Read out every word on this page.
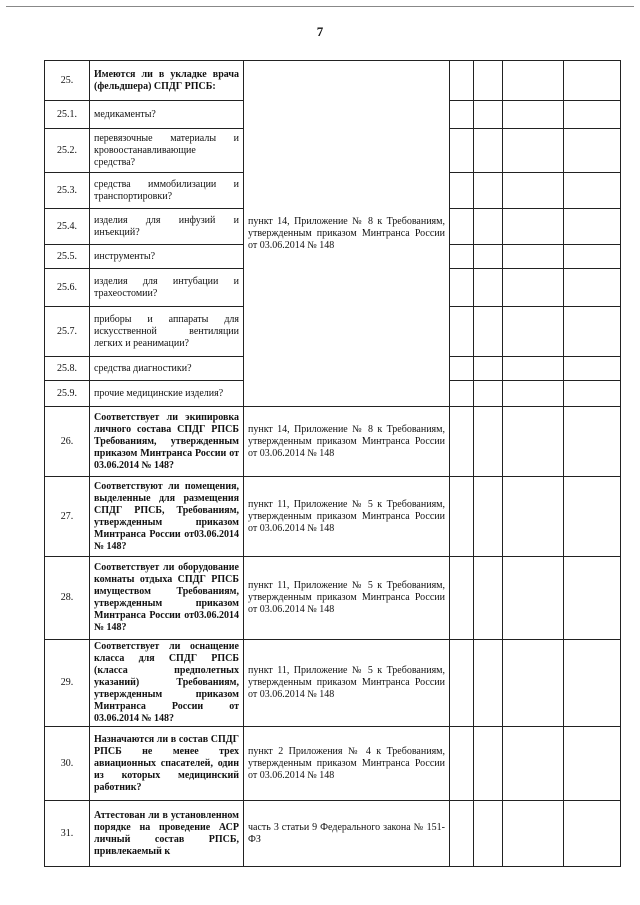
7
25.	Имеются ли в укладке врача (фельдшера) СПДГ РПСБ:	пункт 14, Приложение № 8 к Требованиям, утвержденным приказом Минтранса России от 03.06.2014 № 148				
25.1.	медикаменты?					
25.2.	перевязочные материалы и кровоостанавливающие средства?					
25.3.	средства иммобилизации и транспортировки?					
25.4.	изделия для инфузий и инъекций?					
25.5.	инструменты?					
25.6.	изделия для интубации и трахеостомии?					
25.7.	приборы и аппараты для искусственной вентиляции легких и реанимации?					
25.8.	средства диагностики?					
25.9.	прочие медицинские изделия?					
26.	Соответствует ли экипировка личного состава СПДГ РПСБ Требованиям, утвержденным приказом Минтранса России от 03.06.2014 № 148?	пункт 14, Приложение № 8 к Требованиям, утвержденным приказом Минтранса России от 03.06.2014 № 148				
27.	Соответствуют ли помещения, выделенные для размещения СПДГ РПСБ, Требованиям, утвержденным приказом Минтранса России от03.06.2014 № 148?	пункт 11, Приложение № 5 к Требованиям, утвержденным приказом Минтранса России от 03.06.2014 № 148				
28.	Соответствует ли оборудование комнаты отдыха СПДГ РПСБ имуществом Требованиям, утвержденным приказом Минтранса России от03.06.2014 № 148?	пункт 11, Приложение № 5 к Требованиям, утвержденным приказом Минтранса России от 03.06.2014 № 148				
29.	Соответствует ли оснащение класса для СПДГ РПСБ (класса предполетных указаний) Требованиям, утвержденным приказом Минтранса России от 03.06.2014 № 148?	пункт 11, Приложение № 5 к Требованиям, утвержденным приказом Минтранса России от 03.06.2014 № 148				
30.	Назначаются ли в состав СПДГ РПСБ не менее трех авиационных спасателей, один из которых медицинский работник?	пункт 2 Приложения № 4 к Требованиям, утвержденным приказом Минтранса России от 03.06.2014 № 148				
31.	Аттестован ли в установленном порядке на проведение АСР личный состав РПСБ, привлекаемый к	часть 3 статьи 9 Федерального закона № 151-ФЗ				
